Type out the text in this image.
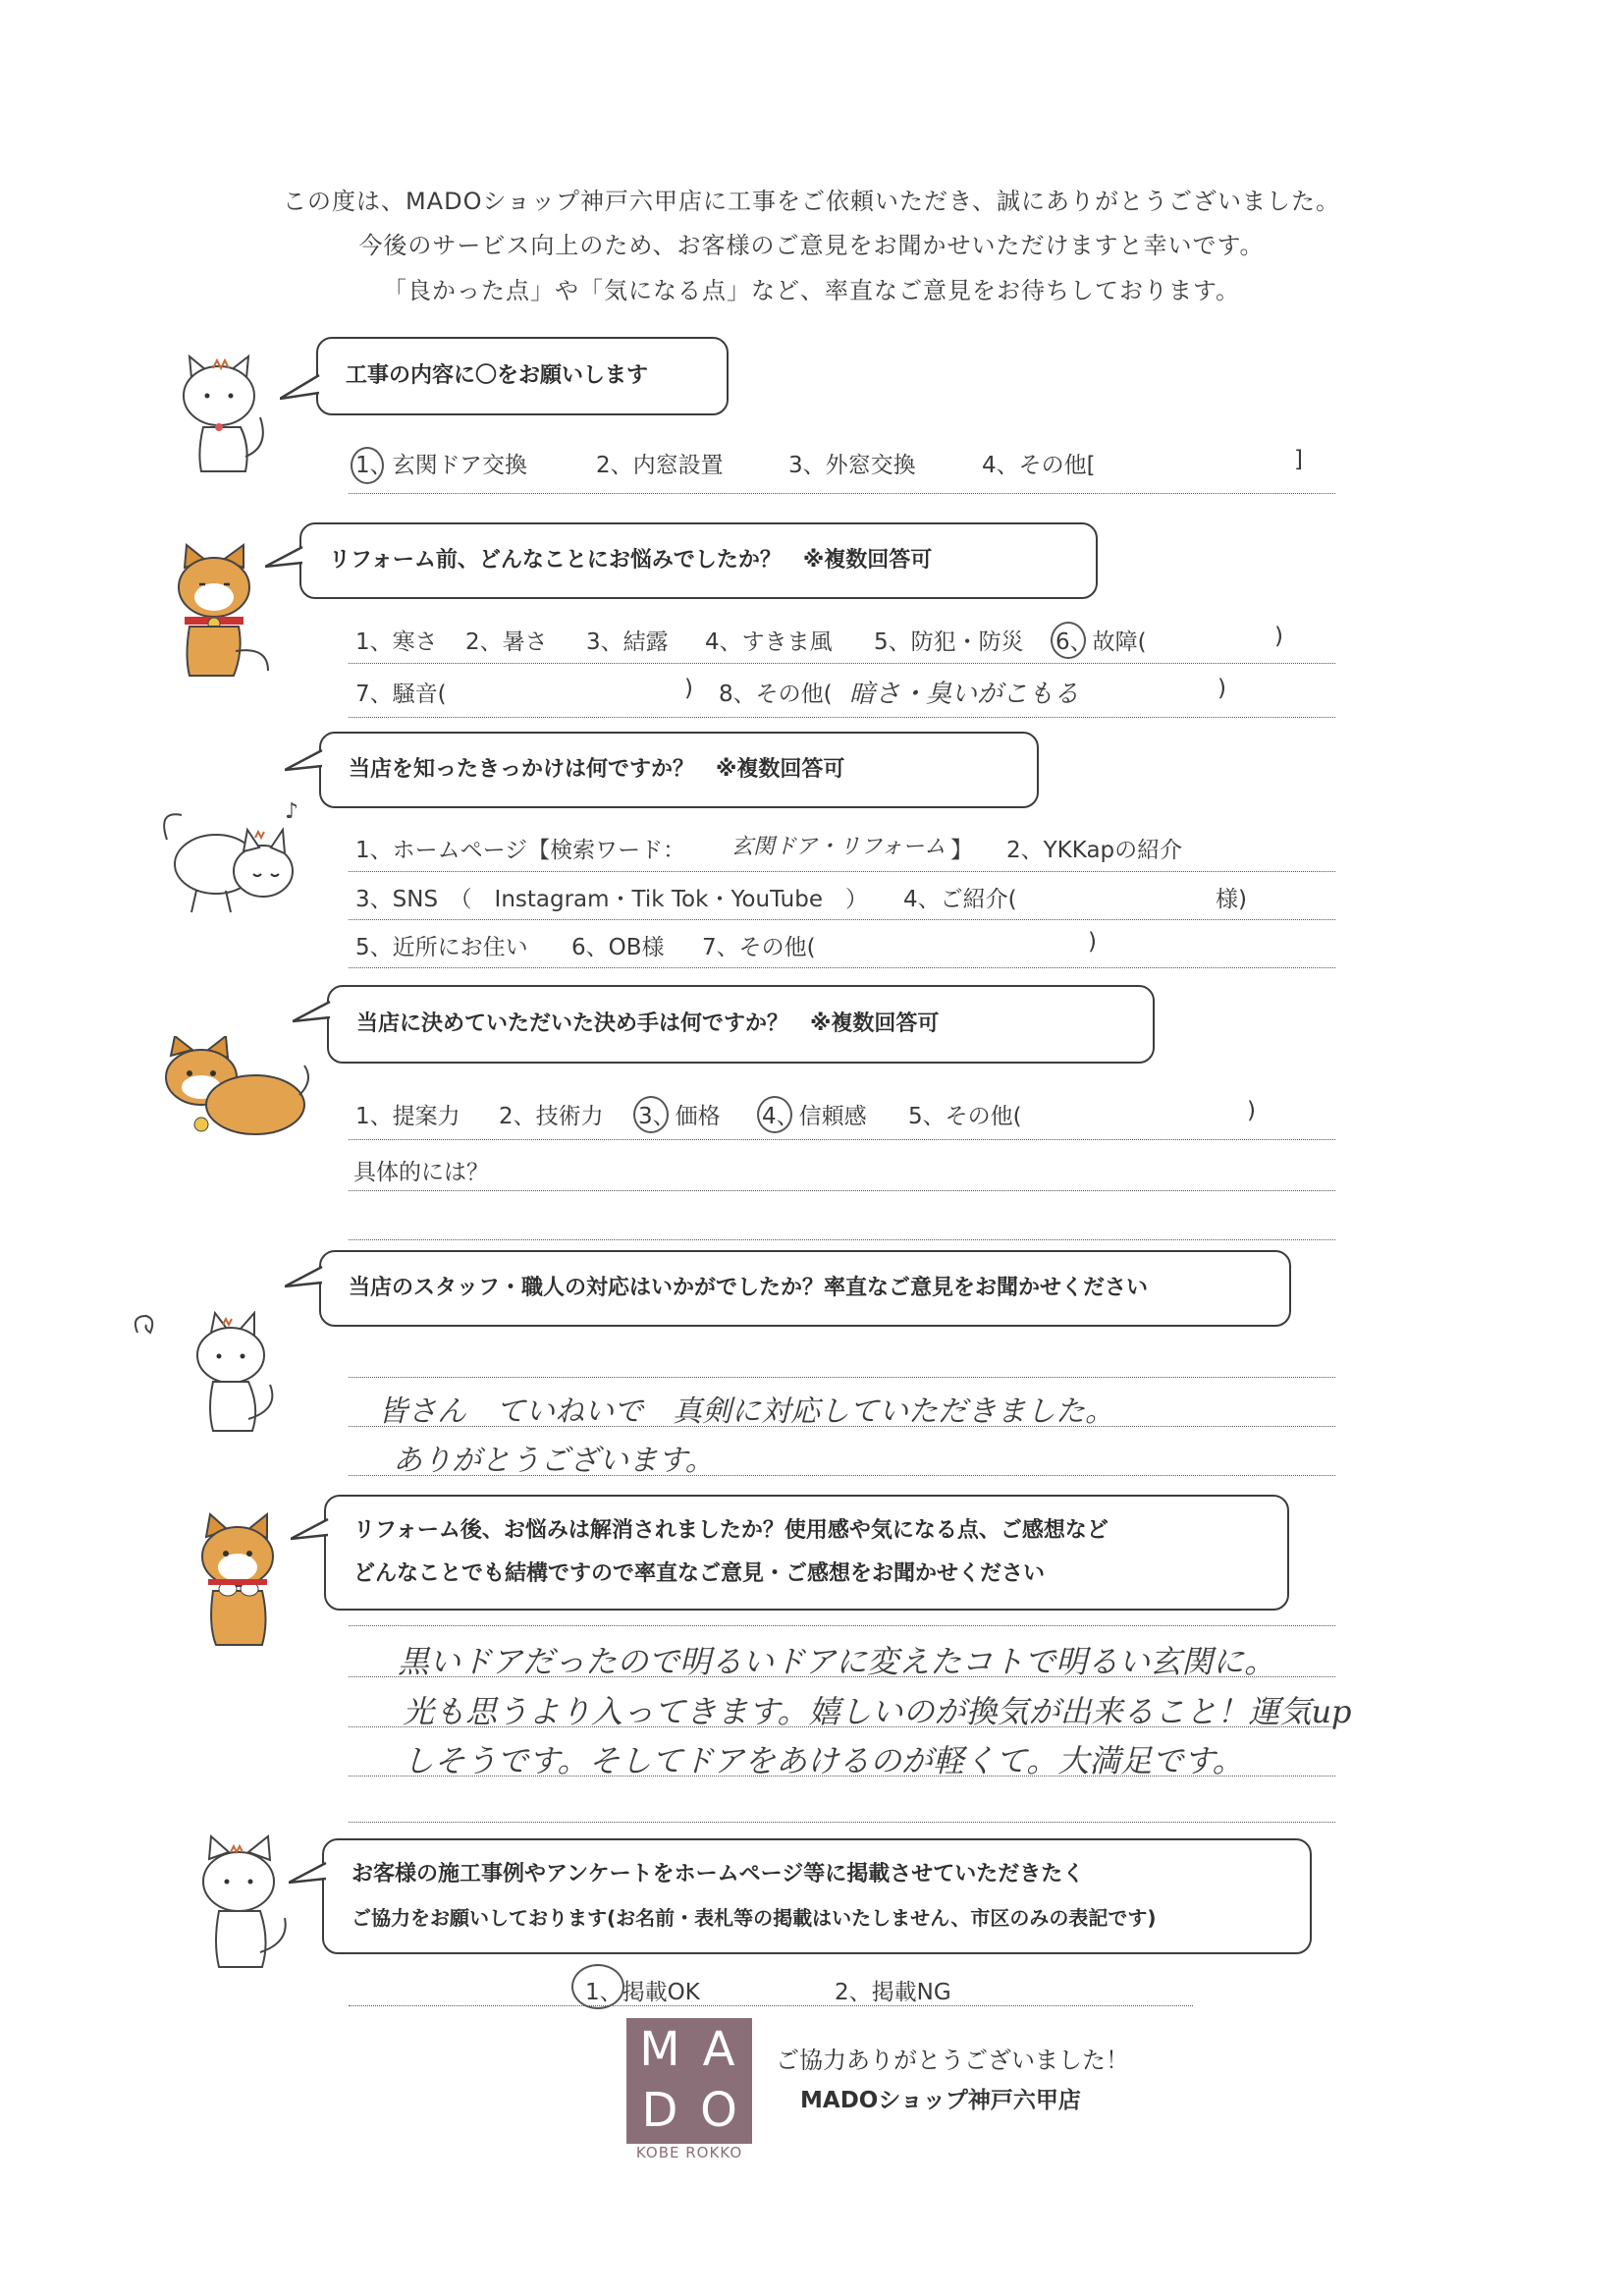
この度は、MADOショップ神戸六甲店に工事をご依頼いただき、誠にありがとうございました。
今後のサービス向上のため、お客様のご意見をお聞かせいただけますと幸いです。
「良かった点」や「気になる点」など、率直なご意見をお待ちしております。
工事の内容に〇をお願いします
1、玄関ドア交換	2、内窓設置	3、外窓交換	4、その他[	]
リフォーム前、どんなことにお悩みでしたか？　※複数回答可
1、寒さ 2、暑さ 3、結露 4、すきま風 5、防犯・防災 6、故障(	)
7、騒音(	) 8、その他(	)
暗さ・臭いがこもる
♪
当店を知ったきっかけは何ですか？　※複数回答可
1、ホームページ【検索ワード：	】 2、YKKapの紹介
玄関ドア・リフォーム
3、SNS　（　Instagram・Tik Tok・YouTube　） 4、ご紹介(	様)
5、近所にお住い 6、OB様 7、その他(	)
当店に決めていただいた決め手は何ですか？　※複数回答可
1、提案力 2、技術力 3、価格 4、信頼感 5、その他(	)
具体的には？
当店のスタッフ・職人の対応はいかがでしたか？率直なご意見をお聞かせください
皆さん　ていねいで　真剣に対応していただきました。
ありがとうございます。
リフォーム後、お悩みは解消されましたか？使用感や気になる点、ご感想など
どんなことでも結構ですので率直なご意見・ご感想をお聞かせください
黒いドアだったので明るいドアに変えたコトで明るい玄関に。
光も思うより入ってきます。嬉しいのが換気が出来ること！運気up
しそうです。そしてドアをあけるのが軽くて。大満足です。
お客様の施工事例やアンケートをホームページ等に掲載させていただきたく
ご協力をお願いしております(お名前・表札等の掲載はいたしません、市区のみの表記です)
1、掲載OK	2、掲載NG
M A
D O
KOBE ROKKO
ご協力ありがとうございました！
MADOショップ神戸六甲店
